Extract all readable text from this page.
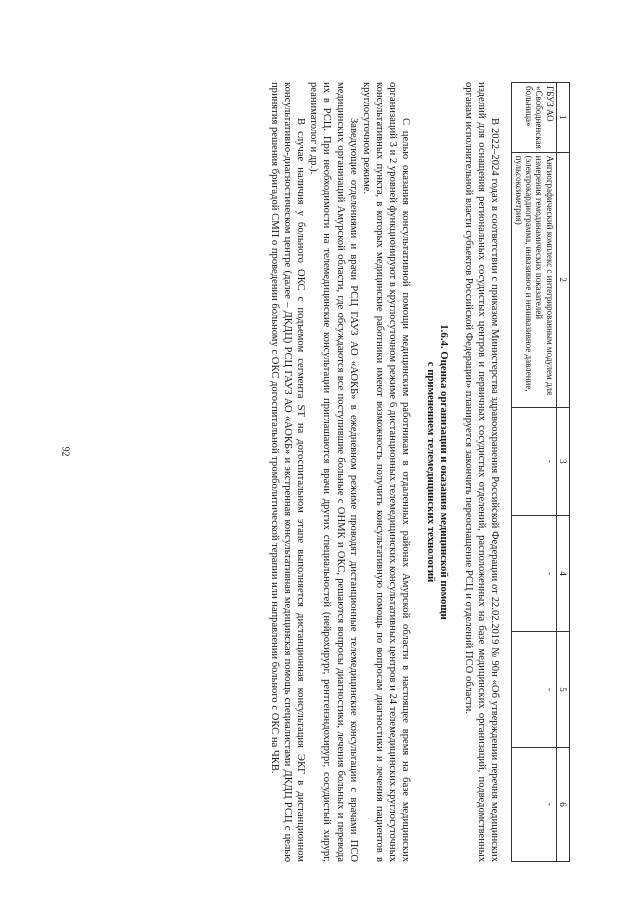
92
1	2	3	4	5	6
ГБУЗ АО «Свободненская больница»	Ангиографический комплекс с интегрированным модулем для измерения гемодинамических показателей (электрокардиограмма, инвазивное и неинвазивное давление, пульсоксиметрия)	-	-	-	-

В 2022–2024 годах в соответствии с приказом Министерства здравоохранения Российской Федерации от 22.02.2019 № 90н «Об утверждении перечня медицинских изделий для оснащения региональных сосудистых центров и первичных сосудистых отделений, расположенных на базе медицинских организаций, подведомственных органам исполнительной власти субъектов Российской Федерации» планируется закончить переоснащение РСЦ и отделений ПСО области.

1.6.4. Оценка организации и оказания медицинской помощи
с применением телемедицинских технологий

С целью оказания консультативной помощи медицинским работникам в отдаленных районах Амурской области в настоящее время на базе медицинских организаций 3 и 2 уровней функционируют в круглосуточном режиме 6 дистанционных телемедицинских консультативных центров и 24 телемедицинских круглосуточных консультативных пункта, в которых медицинские работники имеют возможность получить консультативную помощь по вопросам диагностики и лечения пациентов в круглосуточном режиме.

Заведующие отделениями и врачи РСЦ ГАУЗ АО «АОКБ» в ежедневном режиме проводят дистанционные телемедицинские консультации с врачами ПСО медицинских организаций Амурской области, где обсуждаются все поступившие больные с ОНМК и ОКС, решаются вопросы диагностики, лечения больных и перевода их в РСЦ. При необходимости на телемедицинские консультации приглашаются врачи других специальностей (нейрохирург, рентгенэндохирург, сосудистый хирург, реаниматолог и др.).

В случае наличия у больного ОКС с подъемом сегмента ST на догоспитальном этапе выполняется дистанционная консультация ЭКГ в дистанционном консультативно-диагностическом центре (далее – ДКДЦ) РСЦ ГАУЗ АО «АОКБ» и экстренная консультативная медицинская помощь специалистами ДКДЦ РСЦ с целью принятия решения бригадой СМП о проведении больному с ОКС догоспитальной тромболитической терапии или направлении больного с ОКС на ЧКВ.
